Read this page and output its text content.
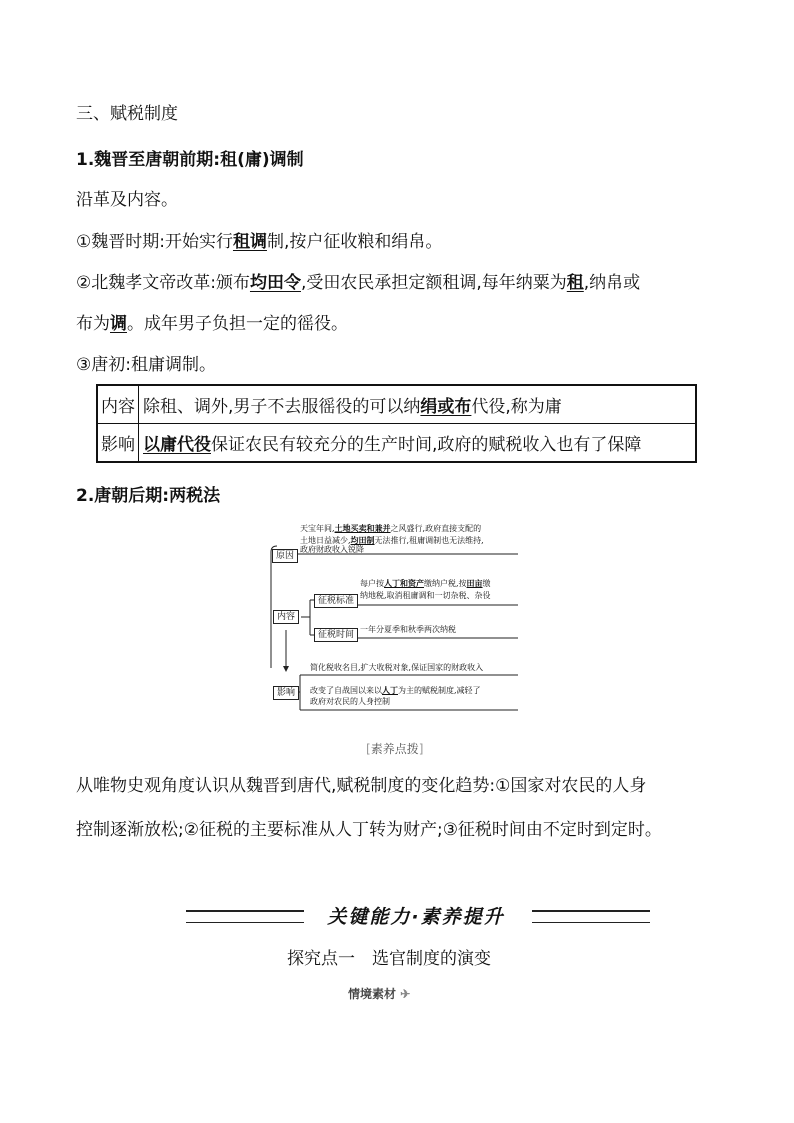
三、赋税制度
1.魏晋至唐朝前期:租(庸)调制
沿革及内容。
①魏晋时期:开始实行租调制,按户征收粮和绢帛。
②北魏孝文帝改革:颁布均田令,受田农民承担定额租调,每年纳粟为租,纳帛或
布为调。成年男子负担一定的徭役。
③唐初:租庸调制。
内容 除租、调外,男子不去服徭役的可以纳绢或布代役,称为庸
影响 以庸代役保证农民有较充分的生产时间,政府的赋税收入也有了保障
2.唐朝后期:两税法
原因
内容
征税标准
征税时间
影响
天宝年间,土地买卖和兼并之风盛行,政府直接支配的
土地日益减少,均田制无法推行,租庸调制也无法维持,
政府财政收入锐降
每户按人丁和资产缴纳户税,按田亩缴
纳地税,取消租庸调和一切杂税、杂役
一年分夏季和秋季两次纳税
简化税收名目,扩大收税对象,保证国家的财政收入
改变了自战国以来以人丁为主的赋税制度,减轻了
政府对农民的人身控制
[素养点拨]
从唯物史观角度认识从魏晋到唐代,赋税制度的变化趋势:①国家对农民的人身
控制逐渐放松;②征税的主要标准从人丁转为财产;③征税时间由不定时到定时。
关键能力·素养提升
探究点一　选官制度的演变
情境素材 ✈
